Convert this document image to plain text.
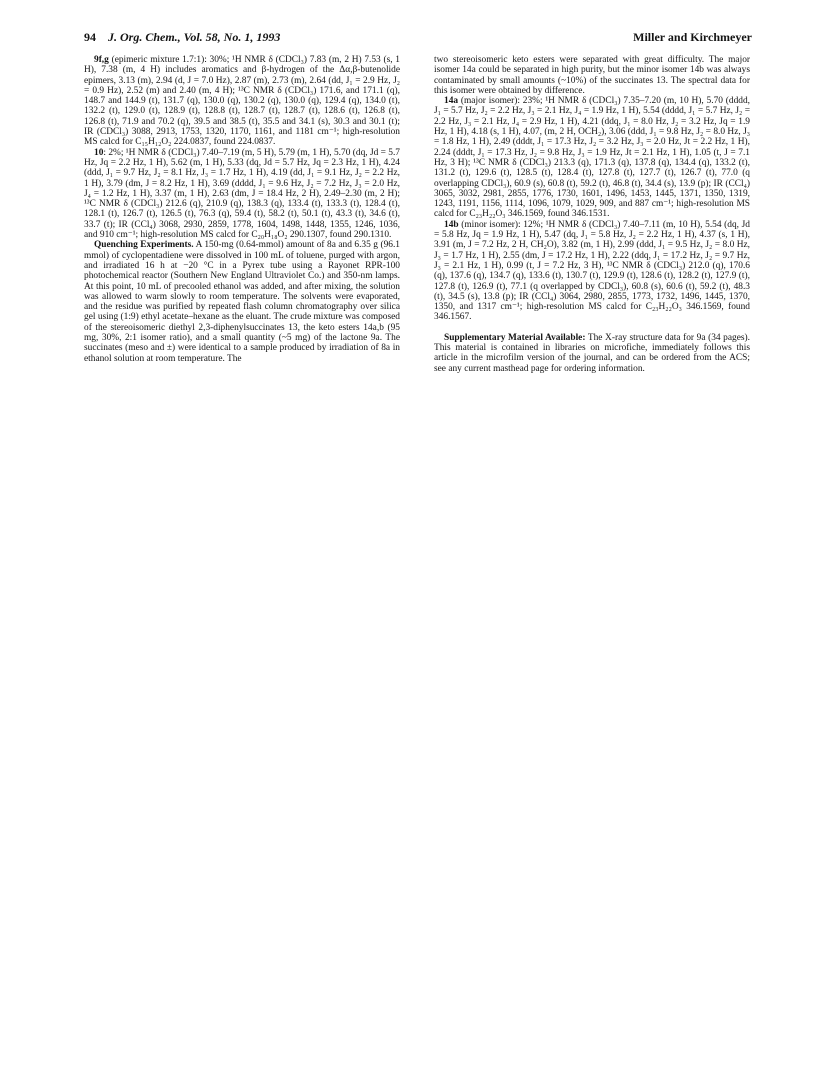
94 J. Org. Chem., Vol. 58, No. 1, 1993	Miller and Kirchmeyer

9f,g (epimeric mixture 1.7:1): 30%; ¹H NMR δ (CDCl₃) 7.83 (m, 2 H) 7.53 (s, 1 H), 7.38 (m, 4 H) includes aromatics and β-hydrogen of the Δα,β-butenolide epimers, 3.13 (m), 2.94 (d, J = 7.0 Hz), 2.87 (m), 2.73 (m), 2.64 (dd, J₁ = 2.9 Hz, J₂ = 0.9 Hz), 2.52 (m) and 2.40 (m, 4 H); ¹³C NMR δ (CDCl₃) 171.6, and 171.1 (q), 148.7 and 144.9 (t), 131.7 (q), 130.0 (q), 130.2 (q), 130.0 (q), 129.4 (q), 134.0 (t), 132.2 (t), 129.0 (t), 128.9 (t), 128.8 (t), 128.7 (t), 128.7 (t), 128.6 (t), 126.8 (t), 126.8 (t), 71.9 and 70.2 (q), 39.5 and 38.5 (t), 35.5 and 34.1 (s), 30.3 and 30.1 (t); IR (CDCl₃) 3088, 2913, 1753, 1320, 1170, 1161, and 1181 cm⁻¹; high-resolution MS calcd for C₁₅H₁₂O₂ 224.0837, found 224.0837.

10: 2%; ¹H NMR δ (CDCl₃) 7.40–7.19 (m, 5 H), 5.79 (m, 1 H), 5.70 (dq, Jd = 5.7 Hz, Jq = 2.2 Hz, 1 H), 5.62 (m, 1 H), 5.33 (dq, Jd = 5.7 Hz, Jq = 2.3 Hz, 1 H), 4.24 (ddd, J₁ = 9.7 Hz, J₂ = 8.1 Hz, J₃ = 1.7 Hz, 1 H), 4.19 (dd, J₁ = 9.1 Hz, J₂ = 2.2 Hz, 1 H), 3.79 (dm, J = 8.2 Hz, 1 H), 3.69 (dddd, J₁ = 9.6 Hz, J₂ = 7.2 Hz, J₃ = 2.0 Hz, J₄ = 1.2 Hz, 1 H), 3.37 (m, 1 H), 2.63 (dm, J = 18.4 Hz, 2 H), 2.49–2.30 (m, 2 H); ¹³C NMR δ (CDCl₃) 212.6 (q), 210.9 (q), 138.3 (q), 133.4 (t), 133.3 (t), 128.4 (t), 128.1 (t), 126.7 (t), 126.5 (t), 76.3 (q), 59.4 (t), 58.2 (t), 50.1 (t), 43.3 (t), 34.6 (t), 33.7 (t); IR (CCl₄) 3068, 2930, 2859, 1778, 1604, 1498, 1448, 1355, 1246, 1036, and 910 cm⁻¹; high-resolution MS calcd for C₂₀H₁₈O₂ 290.1307, found 290.1310.

Quenching Experiments. A 150-mg (0.64-mmol) amount of 8a and 6.35 g (96.1 mmol) of cyclopentadiene were dissolved in 100 mL of toluene, purged with argon, and irradiated 16 h at −20 °C in a Pyrex tube using a Rayonet RPR-100 photochemical reactor (Southern New England Ultraviolet Co.) and 350-nm lamps. At this point, 10 mL of precooled ethanol was added, and after mixing, the solution was allowed to warm slowly to room temperature. The solvents were evaporated, and the residue was purified by repeated flash column chromatography over silica gel using (1:9) ethyl acetate–hexane as the eluant. The crude mixture was composed of the stereoisomeric diethyl 2,3-diphenylsuccinates 13, the keto esters 14a,b (95 mg, 30%, 2:1 isomer ratio), and a small quantity (~5 mg) of the lactone 9a. The succinates (meso and ±) were identical to a sample produced by irradiation of 8a in ethanol solution at room temperature. The

two stereoisomeric keto esters were separated with great difficulty. The major isomer 14a could be separated in high purity, but the minor isomer 14b was always contaminated by small amounts (~10%) of the succinates 13. The spectral data for this isomer were obtained by difference.

14a (major isomer): 23%; ¹H NMR δ (CDCl₃) 7.35–7.20 (m, 10 H), 5.70 (dddd, J₁ = 5.7 Hz, J₂ = 2.2 Hz, J₃ = 2.1 Hz, J₄ = 1.9 Hz, 1 H), 5.54 (dddd, J₁ = 5.7 Hz, J₂ = 2.2 Hz, J₃ = 2.1 Hz, J₄ = 2.9 Hz, 1 H), 4.21 (ddq, J₁ = 8.0 Hz, J₂ = 3.2 Hz, Jq = 1.9 Hz, 1 H), 4.18 (s, 1 H), 4.07, (m, 2 H, OCH₂), 3.06 (ddd, J₁ = 9.8 Hz, J₂ = 8.0 Hz, J₃ = 1.8 Hz, 1 H), 2.49 (dddt, J₁ = 17.3 Hz, J₂ = 3.2 Hz, J₃ = 2.0 Hz, Jt = 2.2 Hz, 1 H), 2.24 (dddt, J₁ = 17.3 Hz, J₂ = 9.8 Hz, J₃ = 1.9 Hz, Jt = 2.1 Hz, 1 H), 1.05 (t, J = 7.1 Hz, 3 H); ¹³C NMR δ (CDCl₃) 213.3 (q), 171.3 (q), 137.8 (q), 134.4 (q), 133.2 (t), 131.2 (t), 129.6 (t), 128.5 (t), 128.4 (t), 127.8 (t), 127.7 (t), 126.7 (t), 77.0 (q overlapping CDCl₃), 60.9 (s), 60.8 (t), 59.2 (t), 46.8 (t), 34.4 (s), 13.9 (p); IR (CCl₄) 3065, 3032, 2981, 2855, 1776, 1730, 1601, 1496, 1453, 1445, 1371, 1350, 1319, 1243, 1191, 1156, 1114, 1096, 1079, 1029, 909, and 887 cm⁻¹; high-resolution MS calcd for C₂₃H₂₂O₃ 346.1569, found 346.1531.

14b (minor isomer): 12%; ¹H NMR δ (CDCl₃) 7.40–7.11 (m, 10 H), 5.54 (dq, Jd = 5.8 Hz, Jq = 1.9 Hz, 1 H), 5.47 (dq, J₁ = 5.8 Hz, J₂ = 2.2 Hz, 1 H), 4.37 (s, 1 H), 3.91 (m, J = 7.2 Hz, 2 H, CH₂O), 3.82 (m, 1 H), 2.99 (ddd, J₁ = 9.5 Hz, J₂ = 8.0 Hz, J₃ = 1.7 Hz, 1 H), 2.55 (dm, J = 17.2 Hz, 1 H), 2.22 (ddq, J₁ = 17.2 Hz, J₂ = 9.7 Hz, J₃ = 2.1 Hz, 1 H), 0.99 (t, J = 7.2 Hz, 3 H), ¹³C NMR δ (CDCl₃) 212.0 (q), 170.6 (q), 137.6 (q), 134.7 (q), 133.6 (t), 130.7 (t), 129.9 (t), 128.6 (t), 128.2 (t), 127.9 (t), 127.8 (t), 126.9 (t), 77.1 (q overlapped by CDCl₃), 60.8 (s), 60.6 (t), 59.2 (t), 48.3 (t), 34.5 (s), 13.8 (p); IR (CCl₄) 3064, 2980, 2855, 1773, 1732, 1496, 1445, 1370, 1350, and 1317 cm⁻¹; high-resolution MS calcd for C₂₃H₂₂O₃ 346.1569, found 346.1567.

Supplementary Material Available: The X-ray structure data for 9a (34 pages). This material is contained in libraries on microfiche, immediately follows this article in the microfilm version of the journal, and can be ordered from the ACS; see any current masthead page for ordering information.
